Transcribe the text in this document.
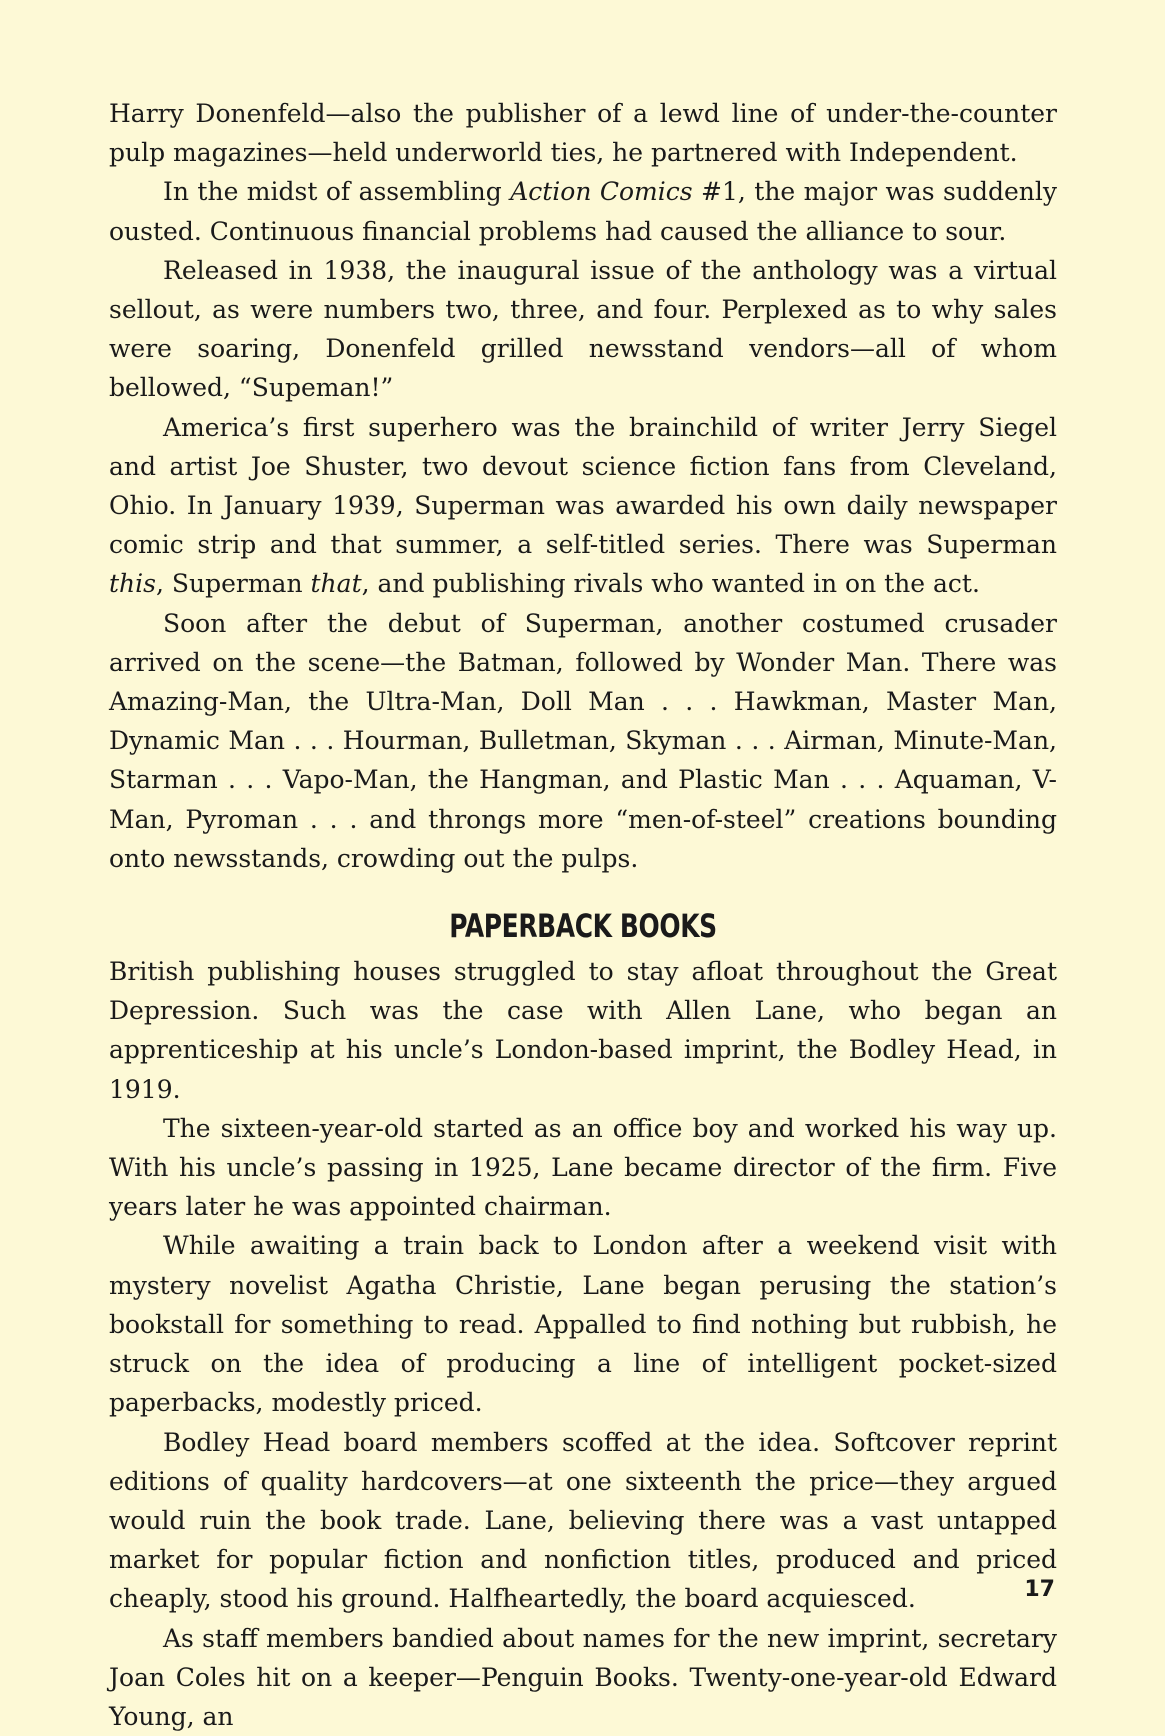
Harry Donenfeld—also the publisher of a lewd line of under-the-counter pulp magazines—held underworld ties, he partnered with Independent.

In the midst of assembling Action Comics #1, the major was suddenly ousted. Continuous financial problems had caused the alliance to sour.

Released in 1938, the inaugural issue of the anthology was a virtual sellout, as were numbers two, three, and four. Perplexed as to why sales were soaring, Donenfeld grilled newsstand vendors—all of whom bellowed, “Supeman!”

America’s first superhero was the brainchild of writer Jerry Siegel and artist Joe Shuster, two devout science fiction fans from Cleveland, Ohio. In January 1939, Superman was awarded his own daily newspaper comic strip and that summer, a self-titled series. There was Superman this, Superman that, and publishing rivals who wanted in on the act.

Soon after the debut of Superman, another costumed crusader arrived on the scene—the Batman, followed by Wonder Man. There was Amazing-Man, the Ultra-Man, Doll Man . . . Hawkman, Master Man, Dynamic Man . . . Hourman, Bulletman, Skyman . . . Airman, Minute-Man, Starman . . . Vapo-Man, the Hangman, and Plastic Man . . . Aquaman, V-Man, Pyroman . . . and throngs more “men-of-steel” creations bounding onto newsstands, crowding out the pulps.

PAPERBACK BOOKS

British publishing houses struggled to stay afloat throughout the Great Depression. Such was the case with Allen Lane, who began an apprenticeship at his uncle’s London-based imprint, the Bodley Head, in 1919.

The sixteen-year-old started as an office boy and worked his way up. With his uncle’s passing in 1925, Lane became director of the firm. Five years later he was appointed chairman.

While awaiting a train back to London after a weekend visit with mystery novelist Agatha Christie, Lane began perusing the station’s bookstall for something to read. Appalled to find nothing but rubbish, he struck on the idea of producing a line of intelligent pocket-sized paperbacks, modestly priced.

Bodley Head board members scoffed at the idea. Softcover reprint editions of quality hardcovers—at one sixteenth the price—they argued would ruin the book trade. Lane, believing there was a vast untapped market for popular fiction and nonfiction titles, produced and priced cheaply, stood his ground. Halfheartedly, the board acquiesced.

As staff members bandied about names for the new imprint, secretary Joan Coles hit on a keeper—Penguin Books. Twenty-one-year-old Edward Young, an

17
